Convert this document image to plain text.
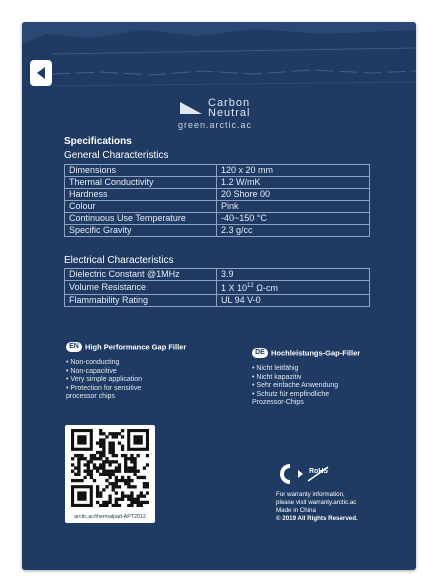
Carbon
Neutral
green.arctic.ac
Specifications
General Characteristics
Dimensions	120 x 20 mm
Thermal Conductivity	1.2 W/mK
Hardness	20 Shore 00
Colour	Pink
Continuous Use Temperature	-40~150 °C
Specific Gravity	2.3 g/cc
Electrical Characteristics
Dielectric Constant @1MHz	3.9
Volume Resistance	1 X $10^{12}$ Ω-cm
Flammability Rating	UL 94 V-0
EN High Performance Gap Filler
• Non-conducting
• Non-capacitive
• Very simple application
• Protection for sensitive
processor chips
DE Hochleistungs-Gap-Filler
• Nicht leitfähig
• Nicht kapazitiv
• Sehr einfache Anwendung
• Schutz für empfindliche
Prozessor-Chips
arctic.ac/thermalpad-APT2012
RoHS
For warranty information,
please visit warranty.arctic.ac
Made in China
© 2019 All Rights Reserved.
